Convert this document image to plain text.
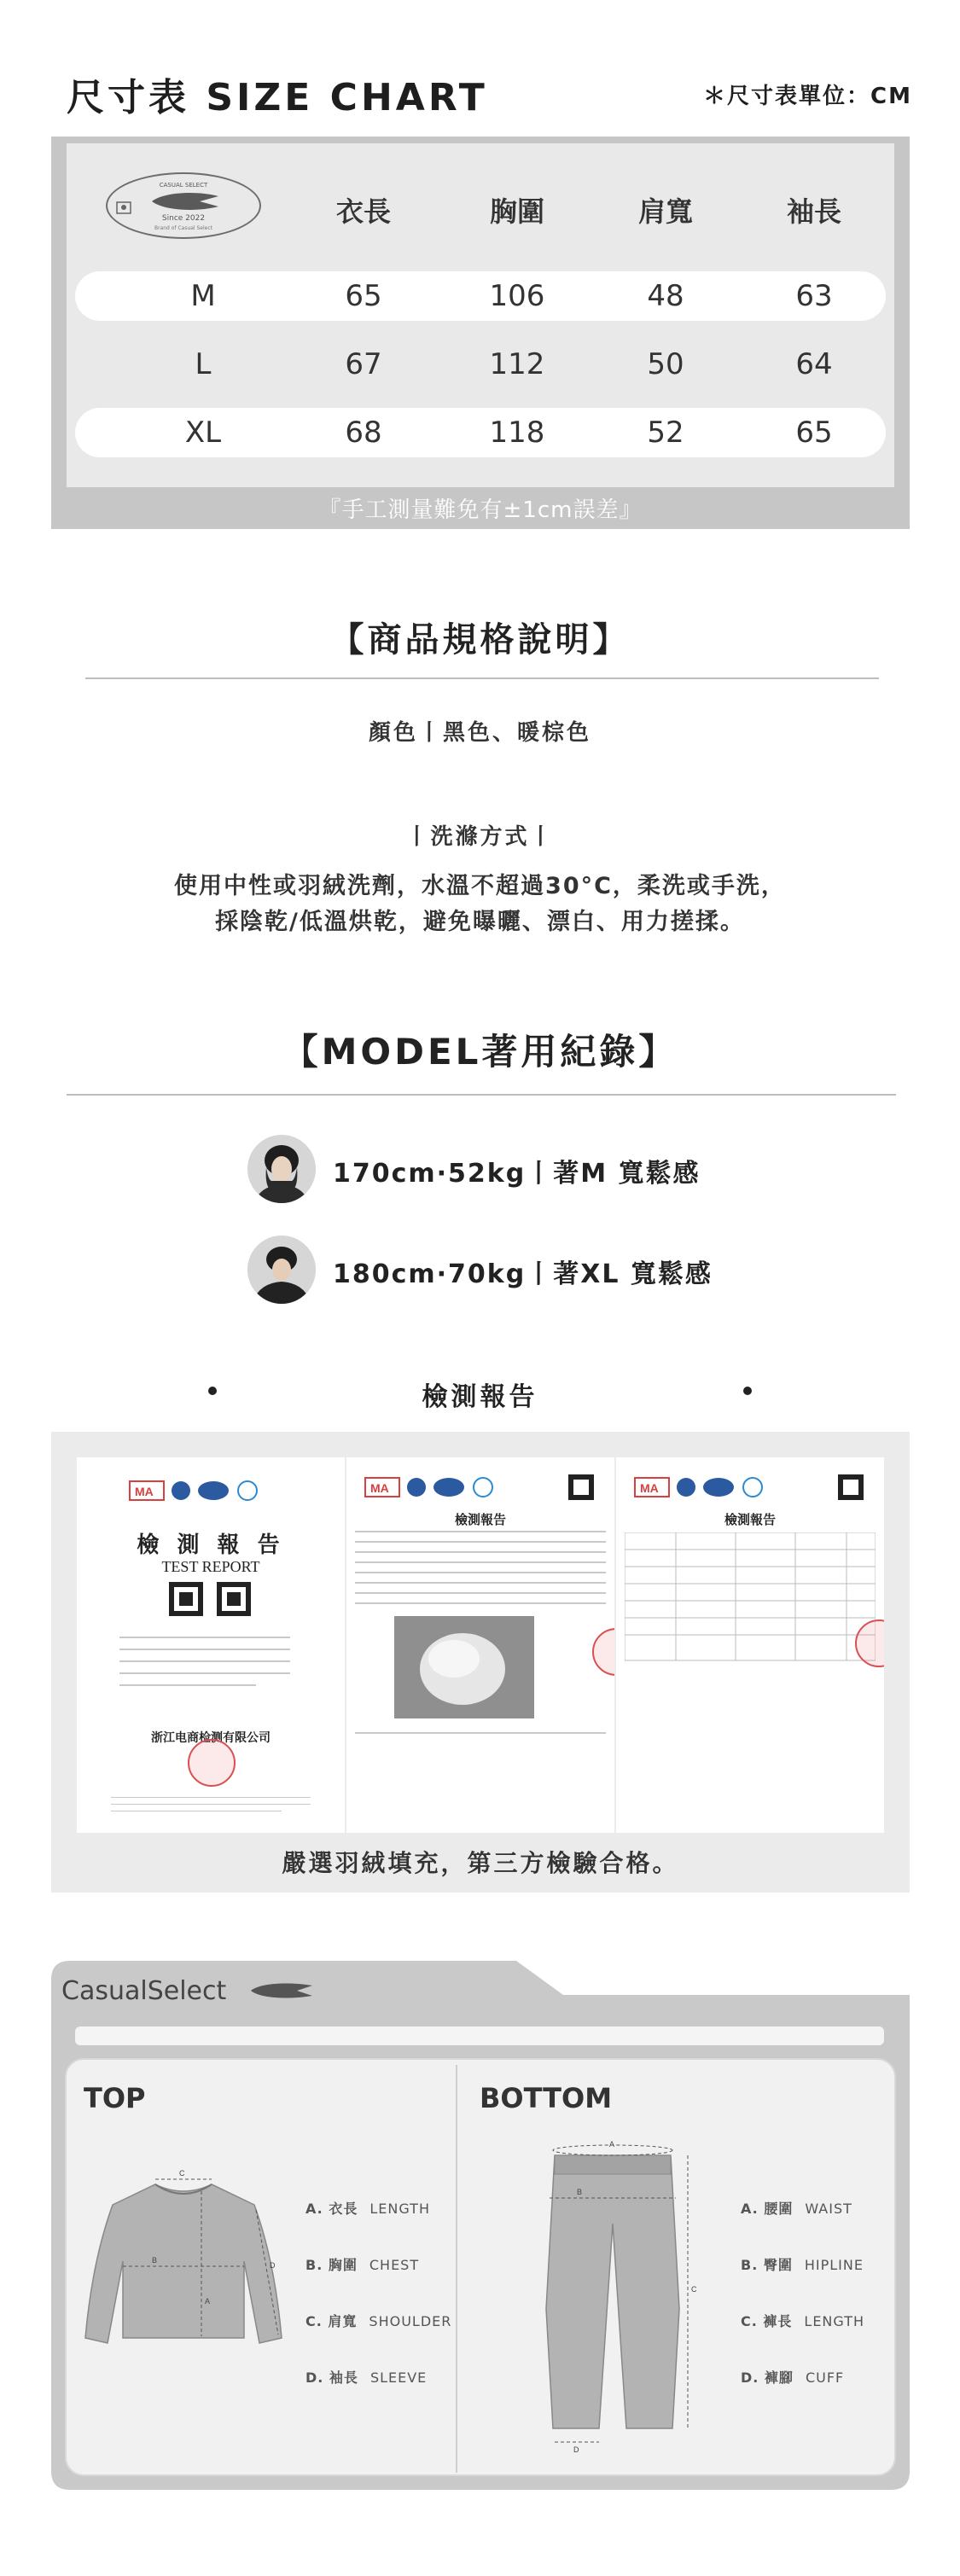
尺寸表 SIZE CHART	＊尺寸表單位：CM
CASUAL SELECT
Since 2022
Brand of Casual Select
衣長	胸圍	肩寬	袖長
M	65	106	48	63
L	67	112	50	64
XL	68	118	52	65
『手工測量難免有±1cm誤差』
【商品規格說明】
顏色丨黑色、暖棕色
丨洗滌方式丨
使用中性或羽絨洗劑，水溫不超過30°C，柔洗或手洗，
採陰乾/低溫烘乾，避免曝曬、漂白、用力搓揉。
【MODEL著用紀錄】
170cm·52kg丨著M 寬鬆感
180cm·70kg丨著XL 寬鬆感
檢測報告
MA
檢 測 報 告
TEST REPORT
浙江电商检测有限公司
MA
檢測報告
MA
檢測報告
嚴選羽絨填充，第三方檢驗合格。
CasualSelect
TOP	BOTTOM
C
B
A
D
A. 衣長 LENGTH
B. 胸圍 CHEST
C. 肩寬 SHOULDER
D. 袖長 SLEEVE
A
B
C
D
A. 腰圍 WAIST
B. 臀圍 HIPLINE
C. 褲長 LENGTH
D. 褲腳 CUFF
